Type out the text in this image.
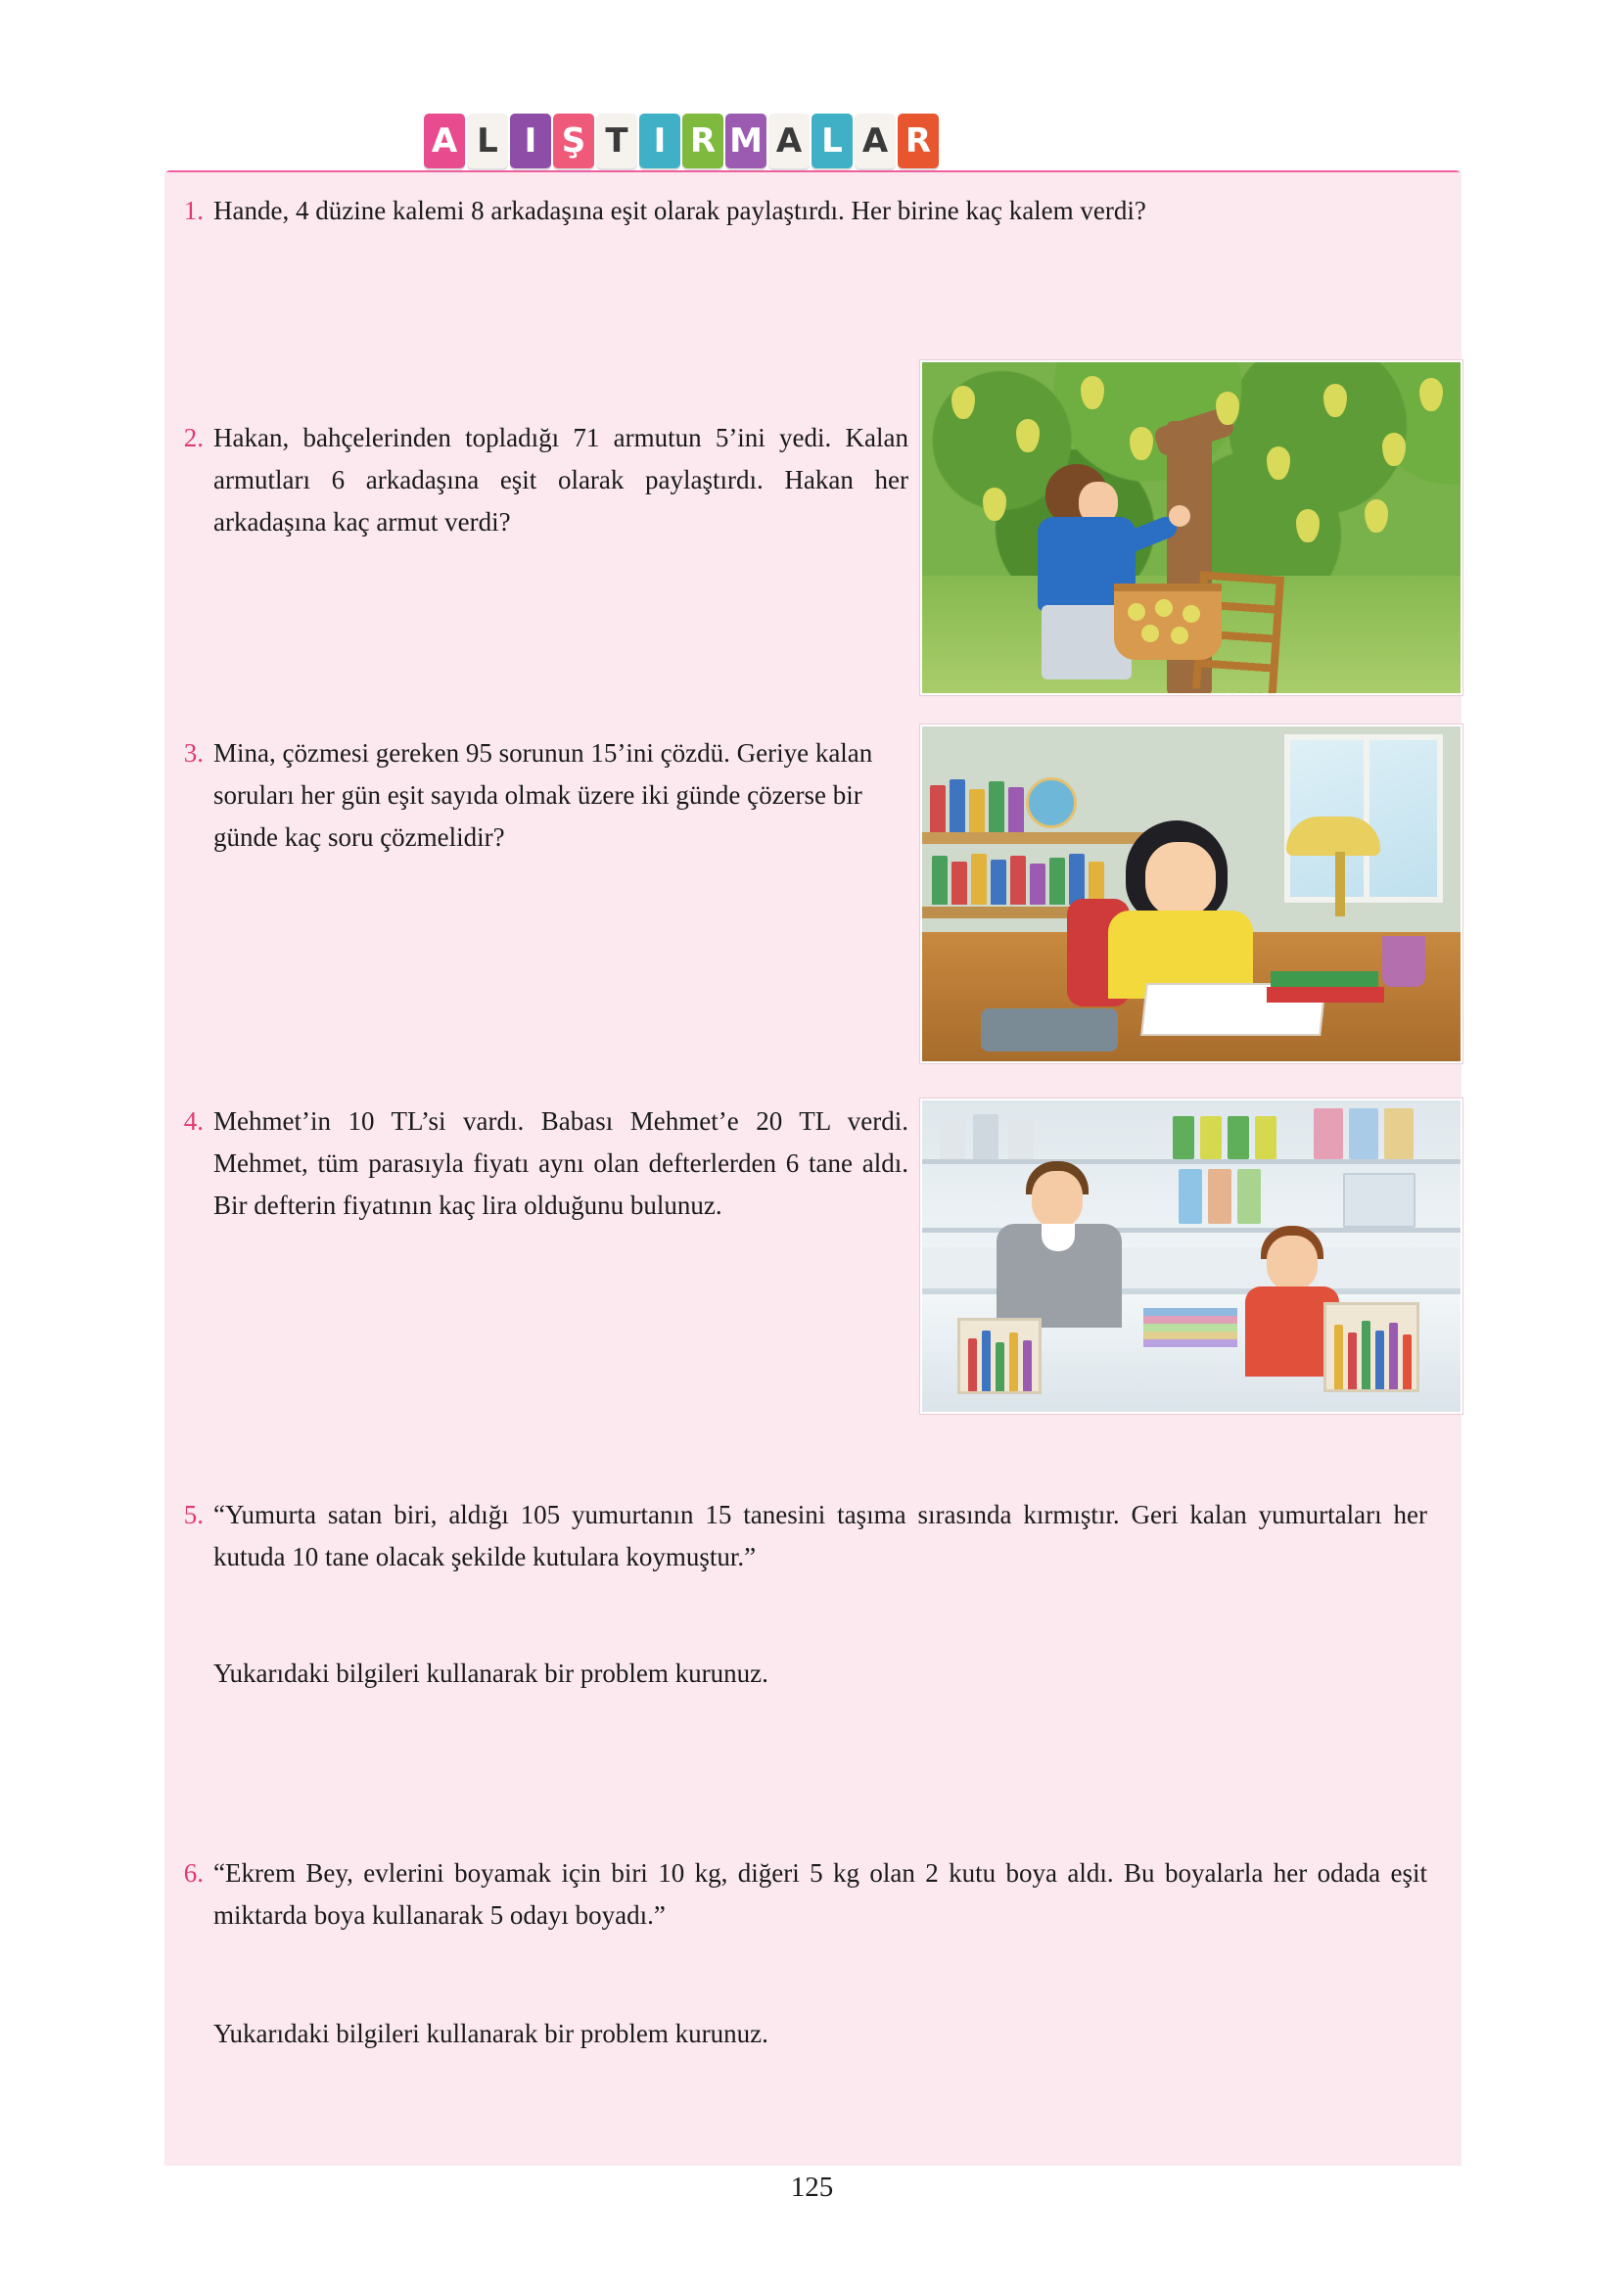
A L I Ş T I R M A L A R
1. Hande, 4 düzine kalemi 8 arkadaşına eşit olarak paylaştırdı. Her birine kaç kalem verdi?
2. Hakan, bahçelerinden topladığı 71 armutun 5’ini yedi. Kalan armutları 6 arkadaşına eşit olarak paylaştırdı. Hakan her arkadaşına kaç armut verdi?
3. Mina, çözmesi gereken 95 sorunun 15’ini çözdü. Geriye kalan soruları her gün eşit sayıda olmak üzere iki günde çözerse bir günde kaç soru çözmelidir?
4. Mehmet’in 10 TL’si vardı. Babası Mehmet’e 20 TL verdi. Mehmet, tüm parasıyla fiyatı aynı olan defterlerden 6 tane aldı. Bir defterin fiyatının kaç lira olduğunu bulunuz.
5. “Yumurta satan biri, aldığı 105 yumurtanın 15 tanesini taşıma sırasında kırmıştır. Geri kalan yumurtaları her kutuda 10 tane olacak şekilde kutulara koymuştur.”
Yukarıdaki bilgileri kullanarak bir problem kurunuz.
6. “Ekrem Bey, evlerini boyamak için biri 10 kg, diğeri 5 kg olan 2 kutu boya aldı. Bu boyalarla her odada eşit miktarda boya kullanarak 5 odayı boyadı.”
Yukarıdaki bilgileri kullanarak bir problem kurunuz.
125
